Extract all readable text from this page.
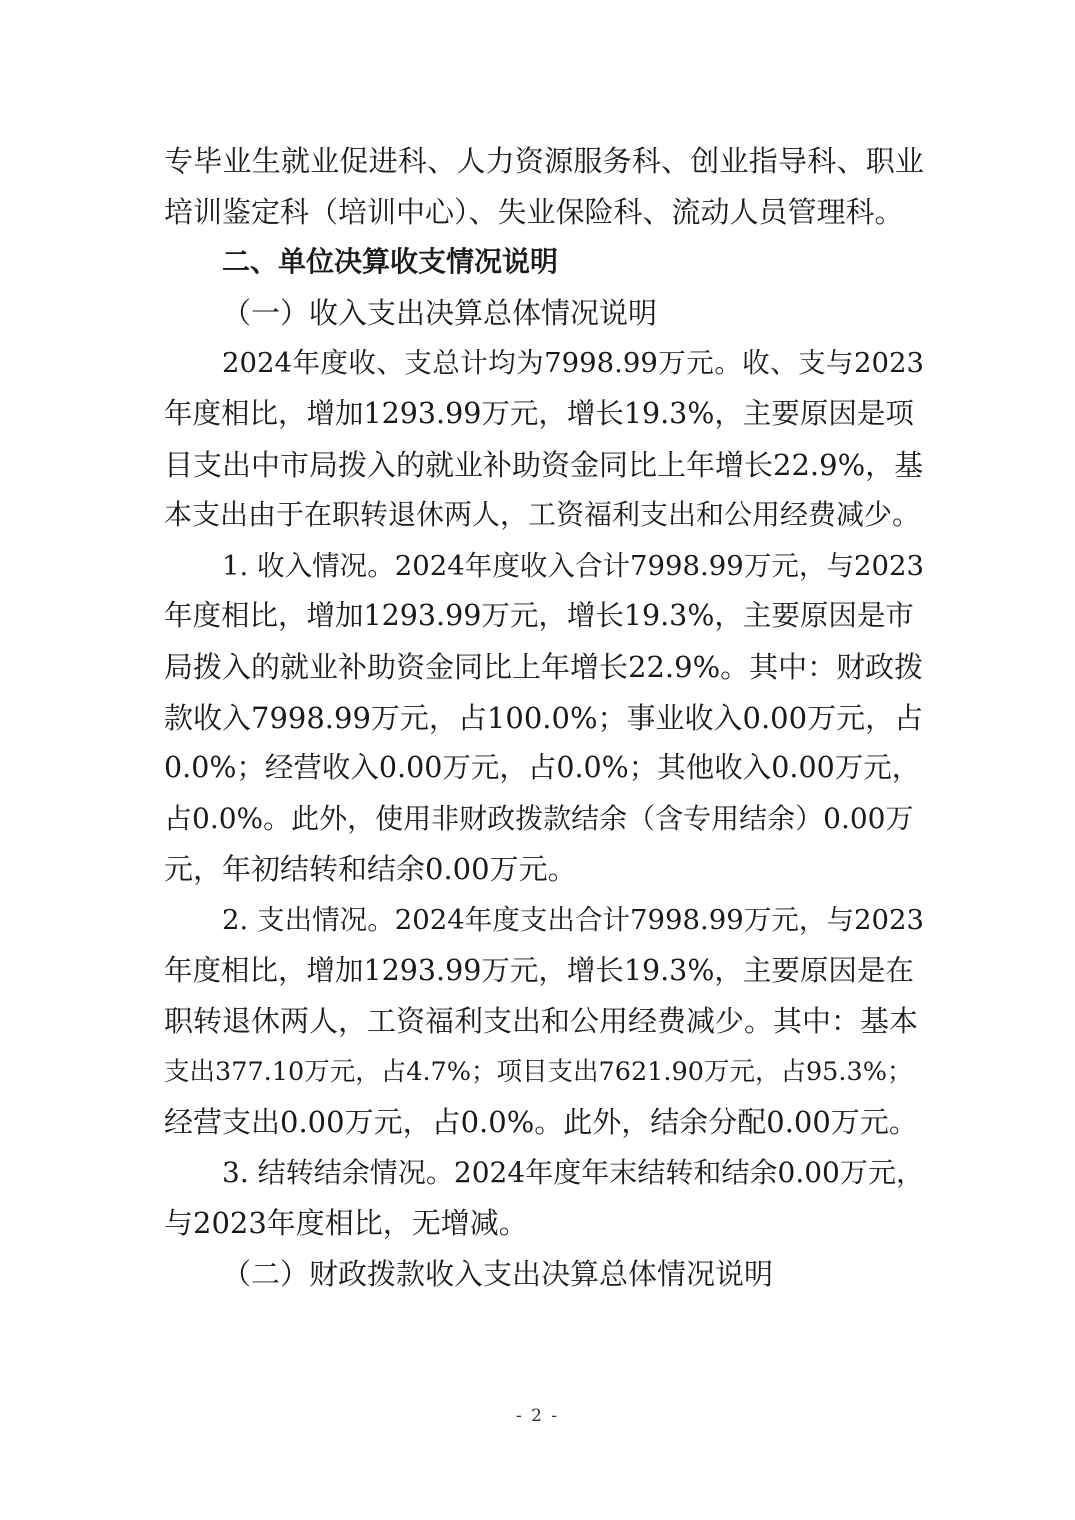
专毕业生就业促进科、人力资源服务科、创业指导科、职业
培训鉴定科（培训中心）、失业保险科、流动人员管理科。
二、单位决算收支情况说明
（一）收入支出决算总体情况说明
2024年度收、支总计均为7998.99万元。收、支与2023
年度相比，增加1293.99万元，增长19.3%，主要原因是项
目支出中市局拨入的就业补助资金同比上年增长22.9%，基
本支出由于在职转退休两人，工资福利支出和公用经费减少。
1. 收入情况。2024年度收入合计7998.99万元，与2023
年度相比，增加1293.99万元，增长19.3%，主要原因是市
局拨入的就业补助资金同比上年增长22.9%。其中：财政拨
款收入7998.99万元，占100.0%；事业收入0.00万元，占
0.0%；经营收入0.00万元，占0.0%；其他收入0.00万元，
占0.0%。此外，使用非财政拨款结余（含专用结余）0.00万
元，年初结转和结余0.00万元。
2. 支出情况。2024年度支出合计7998.99万元，与2023
年度相比，增加1293.99万元，增长19.3%，主要原因是在
职转退休两人，工资福利支出和公用经费减少。其中：基本
支出377.10万元，占4.7%；项目支出7621.90万元，占95.3%；
经营支出0.00万元，占0.0%。此外，结余分配0.00万元。
3. 结转结余情况。2024年度年末结转和结余0.00万元，
与2023年度相比，无增减。
（二）财政拨款收入支出决算总体情况说明
- 2 -
